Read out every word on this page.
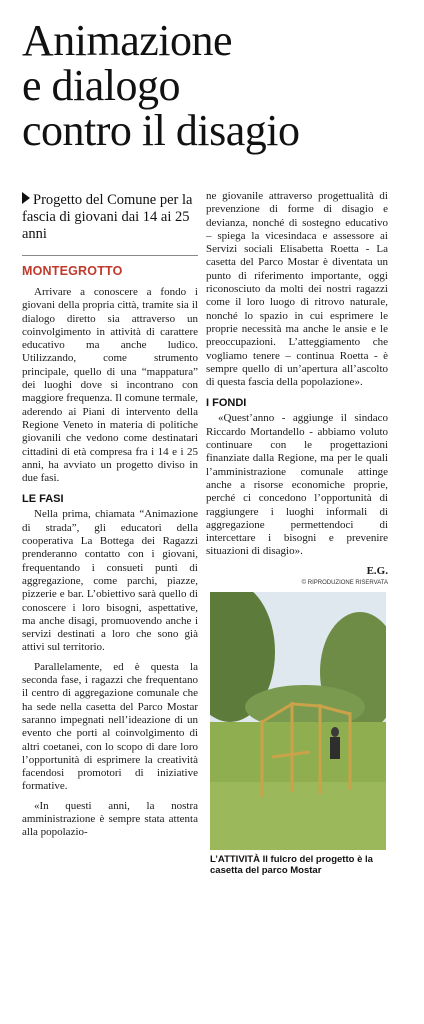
Animazione
e dialogo
contro il disagio
Progetto del Comune per la fascia di giovani dai 14 ai 25 anni
MONTEGROTTO

Arrivare a conoscere a fondo i giovani della propria città, tramite sia il dialogo diretto sia attraverso un coinvolgimento in attività di carattere educativo ma anche ludico. Utilizzando, come strumento principale, quello di una “mappatura” dei luoghi dove si incontrano con maggiore frequenza. Il comune termale, aderendo ai Piani di intervento della Regione Veneto in materia di politiche giovanili che vedono come destinatari cittadini di età compresa fra i 14 e i 25 anni, ha avviato un progetto diviso in due fasi.

LE FASI

Nella prima, chiamata “Animazione di strada”, gli educatori della cooperativa La Bottega dei Ragazzi prenderanno contatto con i giovani, frequentando i consueti punti di aggregazione, come parchi, piazze, pizzerie e bar. L’obiettivo sarà quello di conoscere i loro bisogni, aspettative, ma anche disagi, promuovendo anche i servizi destinati a loro che sono già attivi sul territorio.

Parallelamente, ed è questa la seconda fase, i ragazzi che frequentano il centro di aggregazione comunale che ha sede nella casetta del Parco Mostar saranno impegnati nell’ideazione di un evento che porti al coinvolgimento di altri coetanei, con lo scopo di dare loro l’opportunità di esprimere la creatività facendosi promotori di iniziative formative.

«In questi anni, la nostra amministrazione è sempre stata attenta alla popolazio-

ne giovanile attraverso progettualità di prevenzione di forme di disagio e devianza, nonché di sostegno educativo – spiega la vicesindaca e assessore ai Servizi sociali Elisabetta Roetta - La casetta del Parco Mostar è diventata un punto di riferimento importante, oggi riconosciuto da molti dei nostri ragazzi come il loro luogo di ritrovo naturale, nonché lo spazio in cui esprimere le proprie necessità ma anche le ansie e le preoccupazioni. L’atteggiamento che vogliamo tenere – continua Roetta - è sempre quello di un’apertura all’ascolto di questa fascia della popolazione».

I FONDI

«Quest’anno - aggiunge il sindaco Riccardo Mortandello - abbiamo voluto continuare con le progettazioni finanziate dalla Regione, ma per le quali l’amministrazione comunale attinge anche a risorse economiche proprie, perché ci concedono l’opportunità di raggiungere i luoghi informali di aggregazione permettendoci di intercettare i bisogni e prevenire situazioni di disagio».

E.G.
© RIPRODUZIONE RISERVATA
L’ATTIVITÀ Il fulcro del progetto è la casetta del parco Mostar
